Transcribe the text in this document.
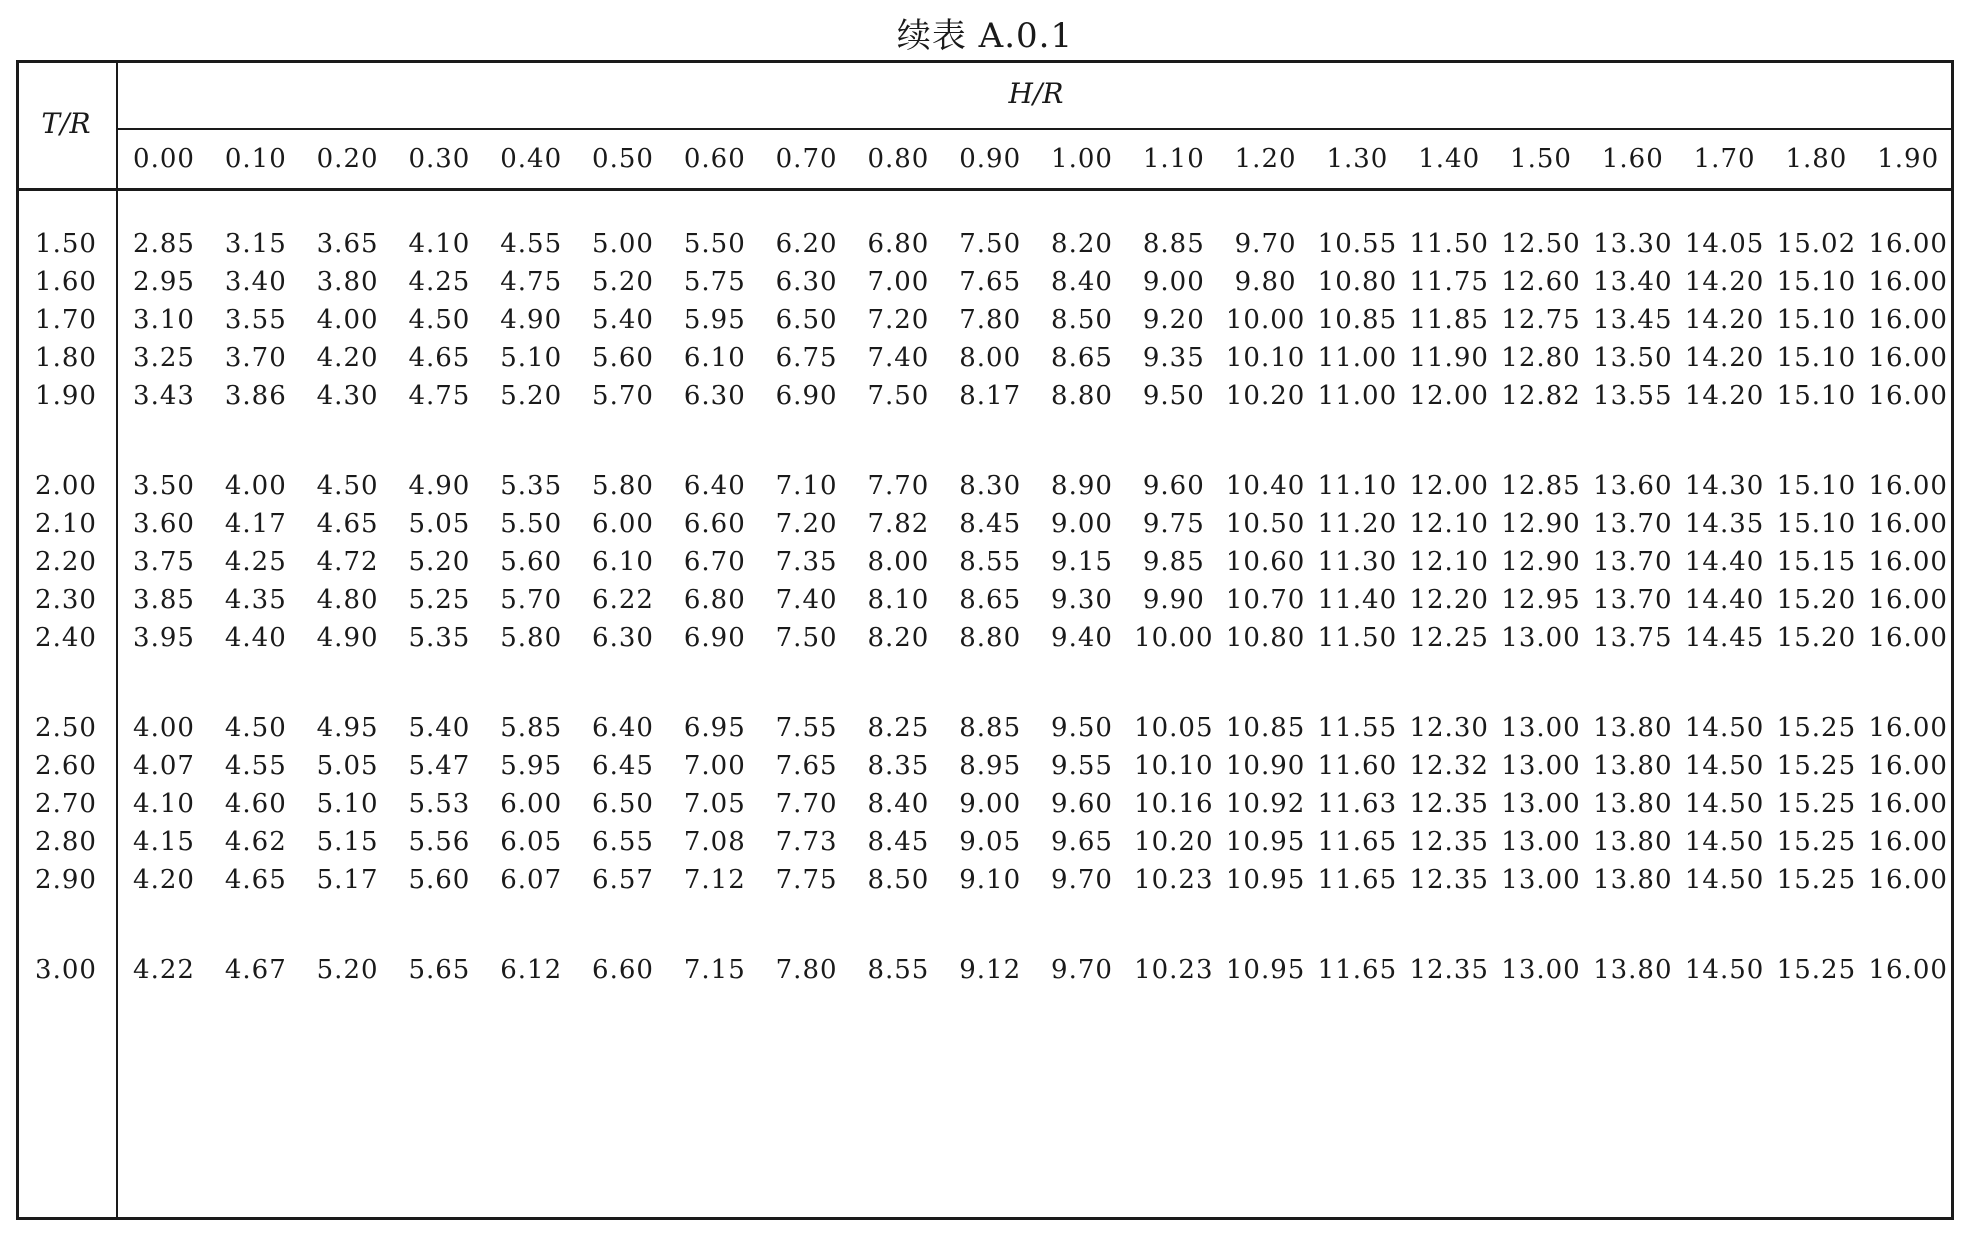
续表 A.0.1
T/R
H/R
0.00	0.10	0.20	0.30	0.40	0.50	0.60	0.70	0.80	0.90	1.00	1.10	1.20	1.30	1.40	1.50	1.60	1.70	1.80	1.90
1.50	2.85	3.15	3.65	4.10	4.55	5.00	5.50	6.20	6.80	7.50	8.20	8.85	9.70 10.55 11.50 12.50 13.30 14.05 15.02 16.00
1.60	2.95	3.40	3.80	4.25	4.75	5.20	5.75	6.30	7.00	7.65	8.40	9.00	9.80 10.80 11.75 12.60 13.40 14.20 15.10 16.00
1.70	3.10	3.55	4.00	4.50	4.90	5.40	5.95	6.50	7.20	7.80	8.50	9.20 10.00 10.85 11.85 12.75 13.45 14.20 15.10 16.00
1.80	3.25	3.70	4.20	4.65	5.10	5.60	6.10	6.75	7.40	8.00	8.65	9.35 10.10 11.00 11.90 12.80 13.50 14.20 15.10 16.00
1.90	3.43	3.86	4.30	4.75	5.20	5.70	6.30	6.90	7.50	8.17	8.80	9.50 10.20 11.00 12.00 12.82 13.55 14.20 15.10 16.00
2.00	3.50	4.00	4.50	4.90	5.35	5.80	6.40	7.10	7.70	8.30	8.90	9.60 10.40 11.10 12.00 12.85 13.60 14.30 15.10 16.00
2.10	3.60	4.17	4.65	5.05	5.50	6.00	6.60	7.20	7.82	8.45	9.00	9.75 10.50 11.20 12.10 12.90 13.70 14.35 15.10 16.00
2.20	3.75	4.25	4.72	5.20	5.60	6.10	6.70	7.35	8.00	8.55	9.15	9.85 10.60 11.30 12.10 12.90 13.70 14.40 15.15 16.00
2.30	3.85	4.35	4.80	5.25	5.70	6.22	6.80	7.40	8.10	8.65	9.30	9.90 10.70 11.40 12.20 12.95 13.70 14.40 15.20 16.00
2.40	3.95	4.40	4.90	5.35	5.80	6.30	6.90	7.50	8.20	8.80	9.40 10.00 10.80 11.50 12.25 13.00 13.75 14.45 15.20 16.00
2.50	4.00	4.50	4.95	5.40	5.85	6.40	6.95	7.55	8.25	8.85	9.50 10.05 10.85 11.55 12.30 13.00 13.80 14.50 15.25 16.00
2.60	4.07	4.55	5.05	5.47	5.95	6.45	7.00	7.65	8.35	8.95	9.55 10.10 10.90 11.60 12.32 13.00 13.80 14.50 15.25 16.00
2.70	4.10	4.60	5.10	5.53	6.00	6.50	7.05	7.70	8.40	9.00	9.60 10.16 10.92 11.63 12.35 13.00 13.80 14.50 15.25 16.00
2.80	4.15	4.62	5.15	5.56	6.05	6.55	7.08	7.73	8.45	9.05	9.65 10.20 10.95 11.65 12.35 13.00 13.80 14.50 15.25 16.00
2.90	4.20	4.65	5.17	5.60	6.07	6.57	7.12	7.75	8.50	9.10	9.70 10.23 10.95 11.65 12.35 13.00 13.80 14.50 15.25 16.00
3.00	4.22	4.67	5.20	5.65	6.12	6.60	7.15	7.80	8.55	9.12	9.70 10.23 10.95 11.65 12.35 13.00 13.80 14.50 15.25 16.00
